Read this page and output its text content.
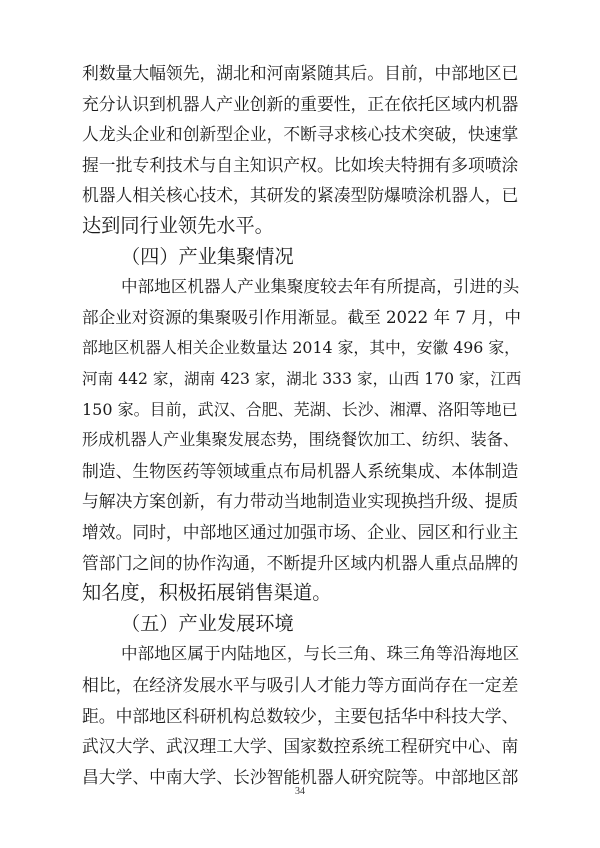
利数量大幅领先，湖北和河南紧随其后。目前，中部地区已
充分认识到机器人产业创新的重要性，正在依托区域内机器
人龙头企业和创新型企业，不断寻求核心技术突破，快速掌
握一批专利技术与自主知识产权。比如埃夫特拥有多项喷涂
机器人相关核心技术，其研发的紧凑型防爆喷涂机器人，已
达到同行业领先水平。
（四）产业集聚情况
中部地区机器人产业集聚度较去年有所提高，引进的头
部企业对资源的集聚吸引作用渐显。截至 2022 年 7 月，中
部地区机器人相关企业数量达 2014 家，其中，安徽 496 家，
河南 442 家，湖南 423 家，湖北 333 家，山西 170 家，江西
150 家。目前，武汉、合肥、芜湖、长沙、湘潭、洛阳等地已
形成机器人产业集聚发展态势，围绕餐饮加工、纺织、装备、
制造、生物医药等领域重点布局机器人系统集成、本体制造
与解决方案创新，有力带动当地制造业实现换挡升级、提质
增效。同时，中部地区通过加强市场、企业、园区和行业主
管部门之间的协作沟通，不断提升区域内机器人重点品牌的
知名度，积极拓展销售渠道。
（五）产业发展环境
中部地区属于内陆地区，与长三角、珠三角等沿海地区
相比，在经济发展水平与吸引人才能力等方面尚存在一定差
距。中部地区科研机构总数较少，主要包括华中科技大学、
武汉大学、武汉理工大学、国家数控系统工程研究中心、南
昌大学、中南大学、长沙智能机器人研究院等。中部地区部
34
